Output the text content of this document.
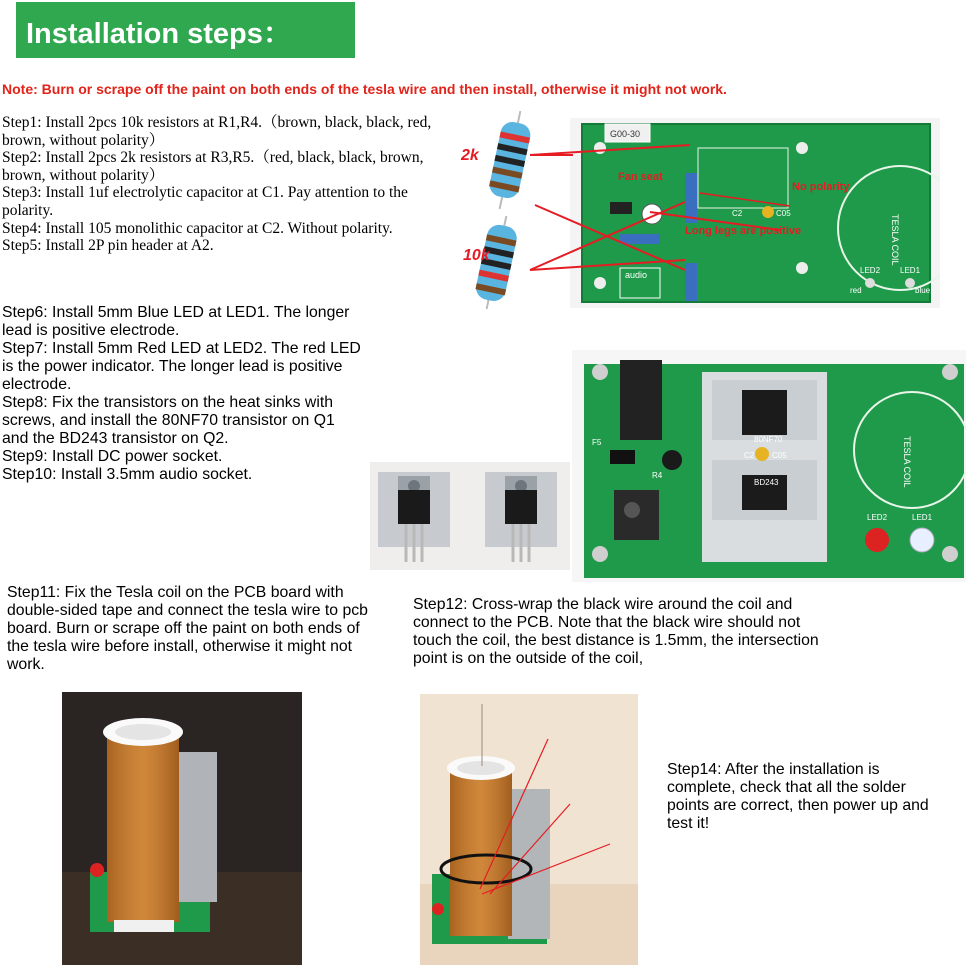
Installation steps：
Note: Burn or scrape off the paint on both ends of the tesla wire and then install, otherwise it might not work.

Step1: Install 2pcs 10k resistors at R1,R4.（brown, black, black, red, brown, without polarity）

Step2: Install 2pcs 2k resistors at R3,R5.（red, black, black, brown, brown, without polarity）

Step3: Install 1uf electrolytic capacitor at C1. Pay attention to the polarity.

Step4: Install 105 monolithic capacitor at C2. Without polarity.

Step5: Install 2P pin header at A2.

Step6: Install 5mm Blue LED at LED1. The longer lead is positive electrode.

Step7: Install 5mm Red LED at LED2. The red LED is the power indicator. The longer lead is positive electrode.

Step8: Fix the transistors on the heat sinks with screws, and install the 80NF70 transistor on Q1 and the BD243 transistor on Q2.

Step9: Install DC power socket.

Step10: Install 3.5mm audio socket.

2k
10k
G00-30
TESLA COIL
C2	C05
audio	LED2 LED1
red	blue
Fan seat
No polarity
Long legs are positive
80NF70
BD243
C2 C05
F5
R4	TESLA COIL
LED2	LED1
Step11: Fix the Tesla coil on the PCB board with double-sided tape and connect the tesla wire to pcb board. Burn or scrape off the paint on both ends of the tesla wire before install, otherwise it might not work.
Step12: Cross-wrap the black wire around the coil and connect to the PCB. Note that the black wire should not touch the coil, the best distance is 1.5mm, the intersection point is on the outside of the coil,
Step14: After the installation is complete, check that all the solder points are correct, then power up and test it!
